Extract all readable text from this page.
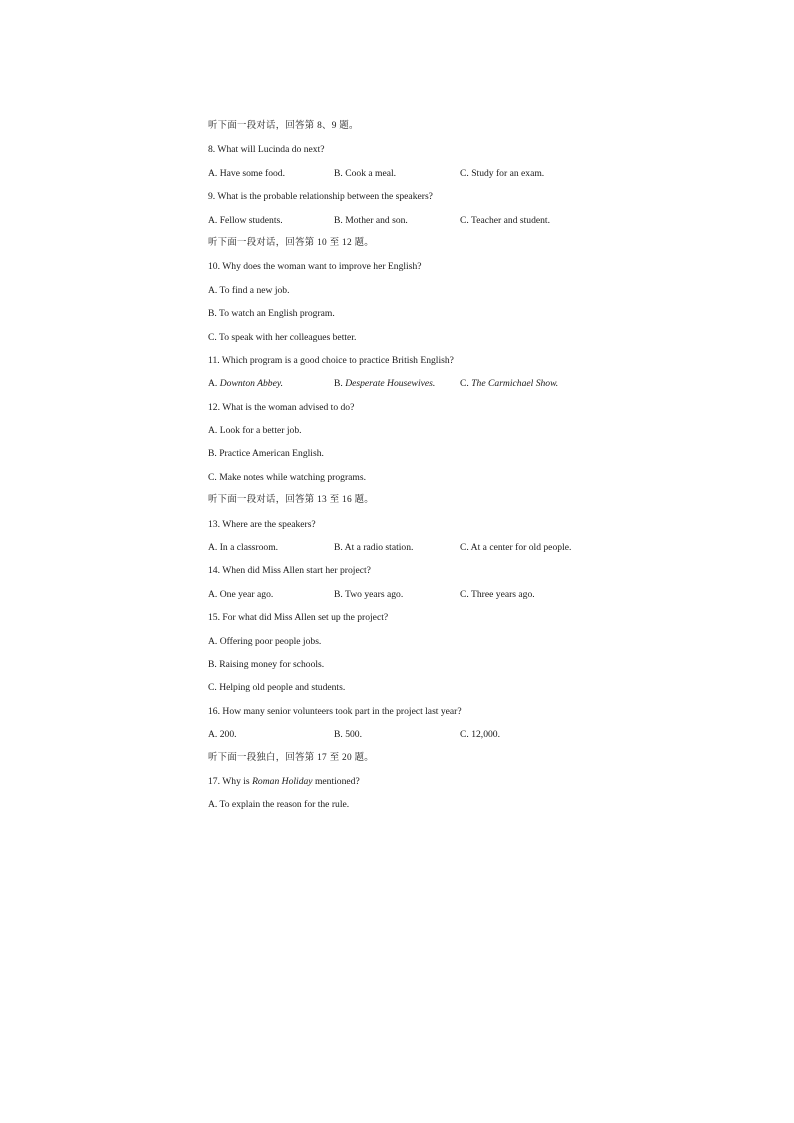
听下面一段对话，回答第 8、9 题。
8. What will Lucinda do next?
A. Have some food.	B. Cook a meal.	C. Study for an exam.
9. What is the probable relationship between the speakers?
A. Fellow students.	B. Mother and son.	C. Teacher and student.
听下面一段对话，回答第 10 至 12 题。
10. Why does the woman want to improve her English?
A. To find a new job.
B. To watch an English program.
C. To speak with her colleagues better.
11. Which program is a good choice to practice British English?
A. Downton Abbey.	B. Desperate Housewives.	C. The Carmichael Show.
12. What is the woman advised to do?
A. Look for a better job.
B. Practice American English.
C. Make notes while watching programs.
听下面一段对话，回答第 13 至 16 题。
13. Where are the speakers?
A. In a classroom.	B. At a radio station.	C. At a center for old people.
14. When did Miss Allen start her project?
A. One year ago.	B. Two years ago.	C. Three years ago.
15. For what did Miss Allen set up the project?
A. Offering poor people jobs.
B. Raising money for schools.
C. Helping old people and students.
16. How many senior volunteers took part in the project last year?
A. 200.	B. 500.	C. 12,000.
听下面一段独白，回答第 17 至 20 题。
17. Why is Roman Holiday mentioned?
A. To explain the reason for the rule.
